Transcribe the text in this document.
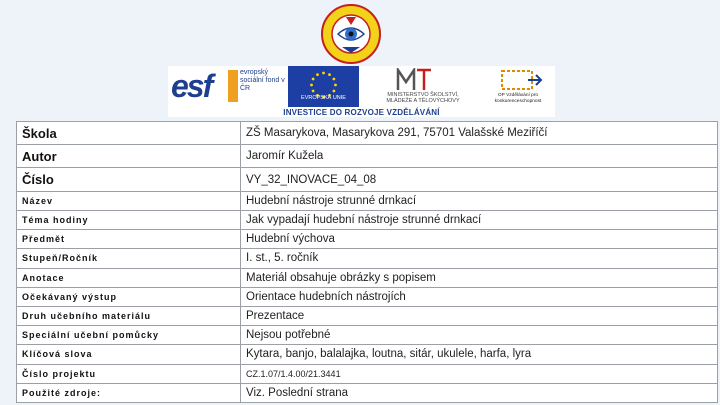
esf	evropský sociální fond v ČR
EVROPSKÁ UNIE	MINISTERSTVO ŠKOLSTVÍ, MLÁDEŽE A TĚLOVÝCHOVY
OP Vzdělávání pro konkurenceschopnost
INVESTICE DO ROZVOJE VZDĚLÁVÁNÍ
Škola	ZŠ Masarykova, Masarykova 291, 75701 Valašské Meziříčí
Autor	Jaromír Kužela
Číslo	VY_32_INOVACE_04_08
Název	Hudební nástroje strunné drnkací
Téma hodiny	Jak vypadají hudební nástroje strunné drnkací
Předmět	Hudební výchova
Stupeň/Ročník	I. st., 5. ročník
Anotace	Materiál obsahuje obrázky s popisem
Očekávaný výstup	Orientace hudebních nástrojích
Druh učebního materiálu	Prezentace
Speciální učební pomůcky	Nejsou potřebné
Klíčová slova	Kytara, banjo, balalajka, loutna, sitár, ukulele, harfa, lyra
Číslo projektu	CZ.1.07/1.4.00/21.3441
Použité zdroje:	Viz. Poslední strana
